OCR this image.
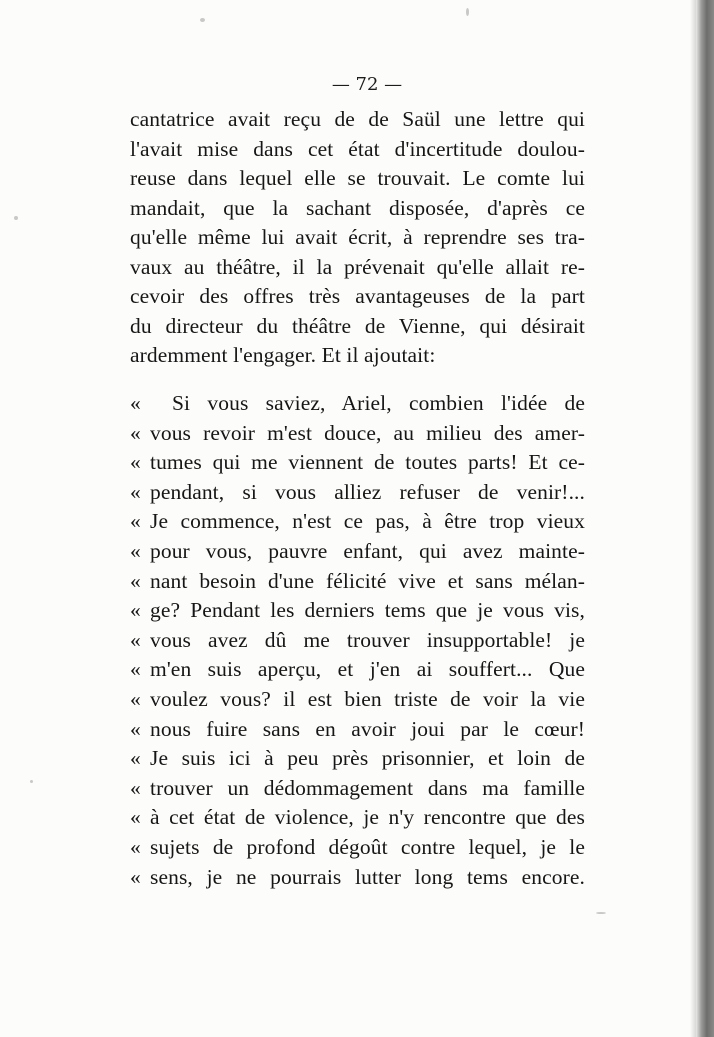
— 72 —
cantatrice avait reçu de de Saül une lettre qui
l'avait mise dans cet état d'incertitude doulou-
reuse dans lequel elle se trouvait. Le comte lui
mandait, que la sachant disposée, d'après ce
qu'elle même lui avait écrit, à reprendre ses tra-
vaux au théâtre, il la prévenait qu'elle allait re-
cevoir des offres très avantageuses de la part
du directeur du théâtre de Vienne, qui désirait
ardemment l'engager. Et il ajoutait:
«	Si vous saviez, Ariel, combien l'idée de
« vous revoir m'est douce, au milieu des amer-
« tumes qui me viennent de toutes parts! Et ce-
« pendant, si vous alliez refuser de venir!...
« Je commence, n'est ce pas, à être trop vieux
« pour vous, pauvre enfant, qui avez mainte-
« nant besoin d'une félicité vive et sans mélan-
« ge? Pendant les derniers tems que je vous vis,
« vous avez dû me trouver insupportable! je
« m'en suis aperçu, et j'en ai souffert... Que
« voulez vous? il est bien triste de voir la vie
« nous fuire sans en avoir joui par le cœur!
« Je suis ici à peu près prisonnier, et loin de
« trouver un dédommagement dans ma famille
« à cet état de violence, je n'y rencontre que des
« sujets de profond dégoût contre lequel, je le
« sens, je ne pourrais lutter long tems encore.
